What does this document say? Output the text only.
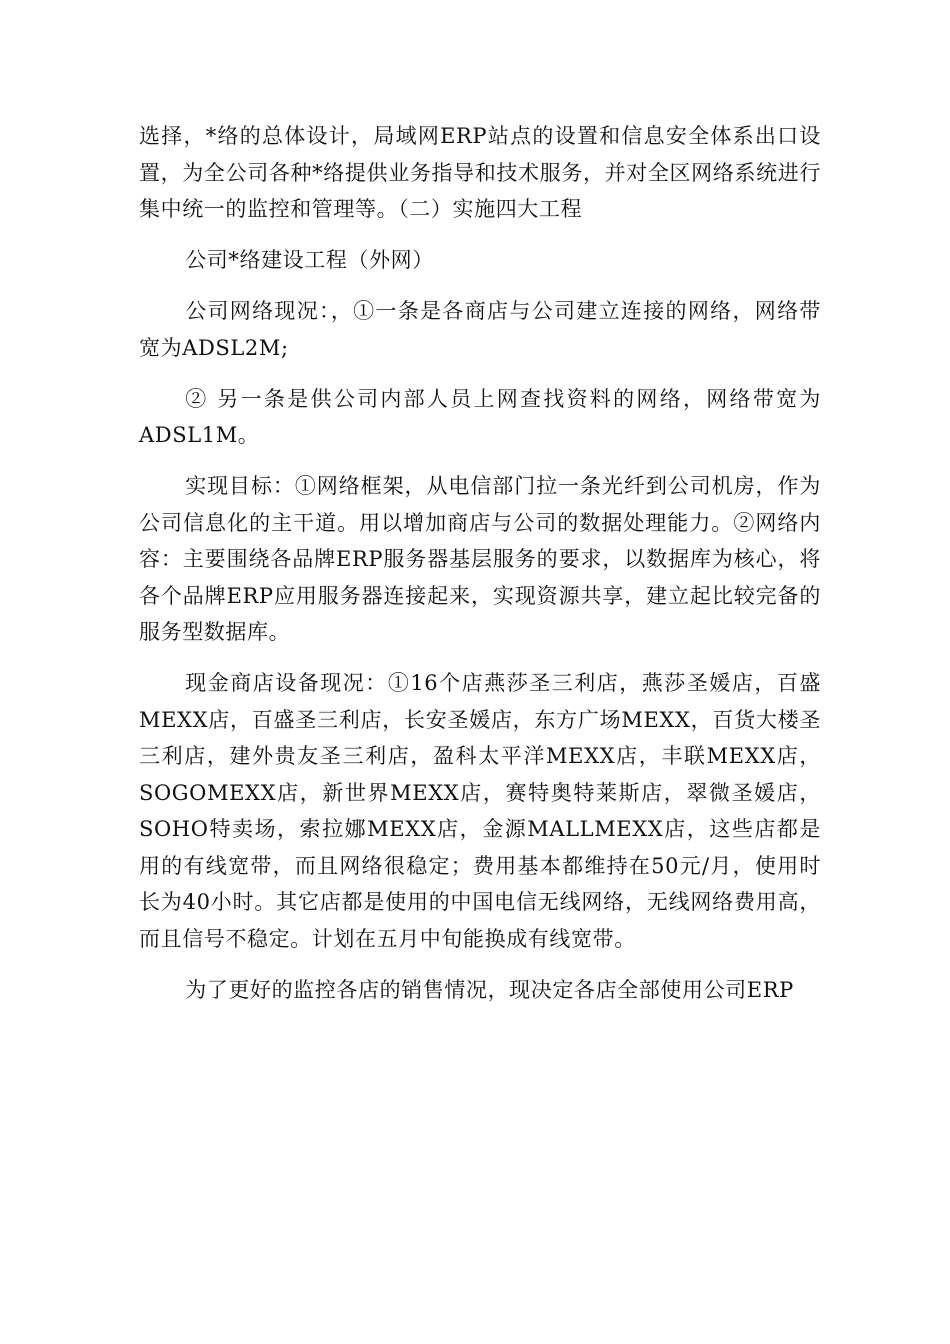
选择，*络的总体设计，局域网ERP站点的设置和信息安全体系出口设置，为全公司各种*络提供业务指导和技术服务，并对全区网络系统进行集中统一的监控和管理等。（二）实施四大工程

公司*络建设工程（外网）

公司网络现况：，①一条是各商店与公司建立连接的网络，网络带宽为ADSL2M;

② 另一条是供公司内部人员上网查找资料的网络，网络带宽为ADSL1M。

实现目标：①网络框架，从电信部门拉一条光纤到公司机房，作为公司信息化的主干道。用以增加商店与公司的数据处理能力。②网络内容：主要围绕各品牌ERP服务器基层服务的要求，以数据库为核心，将各个品牌ERP应用服务器连接起来，实现资源共享，建立起比较完备的服务型数据库。

现金商店设备现况：①16个店燕莎圣三利店，燕莎圣媛店，百盛MEXX店，百盛圣三利店，长安圣媛店，东方广场MEXX，百货大楼圣三利店，建外贵友圣三利店，盈科太平洋MEXX店，丰联MEXX店，SOGOMEXX店，新世界MEXX店，赛特奥特莱斯店，翠微圣媛店，SOHO特卖场，索拉娜MEXX店，金源MALLMEXX店，这些店都是用的有线宽带，而且网络很稳定；费用基本都维持在50元/月，使用时长为40小时。其它店都是使用的中国电信无线网络，无线网络费用高，而且信号不稳定。计划在五月中旬能换成有线宽带。

为了更好的监控各店的销售情况，现决定各店全部使用公司ERP
